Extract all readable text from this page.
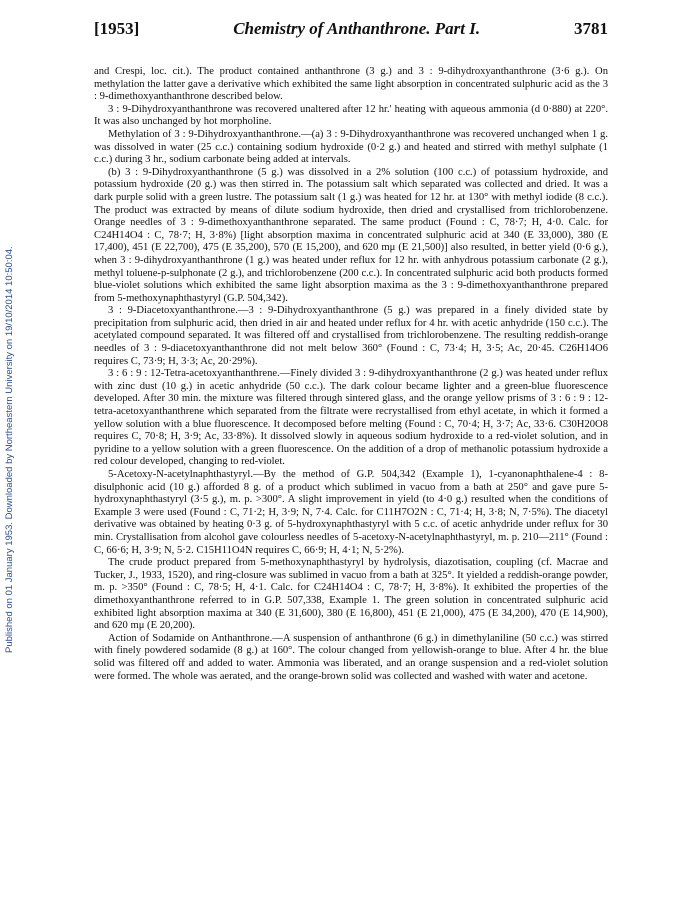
[1953]	Chemistry of Anthanthrone. Part I.	3781
Published on 01 January 1953. Downloaded by Northeastern University on 19/10/2014 10:50:04.

and Crespi, loc. cit.). The product contained anthanthrone (3 g.) and 3 : 9-dihydroxyanthanthrone (3·6 g.). On methylation the latter gave a derivative which exhibited the same light absorption in concentrated sulphuric acid as the 3 : 9-dimethoxyanthanthrone described below.

3 : 9-Dihydroxyanthanthrone was recovered unaltered after 12 hr.' heating with aqueous ammonia (d 0·880) at 220°. It was also unchanged by hot morpholine.

Methylation of 3 : 9-Dihydroxyanthanthrone.—(a) 3 : 9-Dihydroxyanthanthrone was recovered unchanged when 1 g. was dissolved in water (25 c.c.) containing sodium hydroxide (0·2 g.) and heated and stirred with methyl sulphate (1 c.c.) during 3 hr., sodium carbonate being added at intervals.

(b) 3 : 9-Dihydroxyanthanthrone (5 g.) was dissolved in a 2% solution (100 c.c.) of potassium hydroxide, and potassium hydroxide (20 g.) was then stirred in. The potassium salt which separated was collected and dried. It was a dark purple solid with a green lustre. The potassium salt (1 g.) was heated for 12 hr. at 130° with methyl iodide (8 c.c.). The product was extracted by means of dilute sodium hydroxide, then dried and crystallised from trichlorobenzene. Orange needles of 3 : 9-dimethoxyanthanthrone separated. The same product (Found : C, 78·7; H, 4·0. Calc. for C24H14O4 : C, 78·7; H, 3·8%) [light absorption maxima in concentrated sulphuric acid at 340 (E 33,000), 380 (E 17,400), 451 (E 22,700), 475 (E 35,200), 570 (E 15,200), and 620 mμ (E 21,500)] also resulted, in better yield (0·6 g.), when 3 : 9-dihydroxyanthanthrone (1 g.) was heated under reflux for 12 hr. with anhydrous potassium carbonate (2 g.), methyl toluene-p-sulphonate (2 g.), and trichlorobenzene (200 c.c.). In concentrated sulphuric acid both products formed blue-violet solutions which exhibited the same light absorption maxima as the 3 : 9-dimethoxyanthanthrone prepared from 5-methoxynaphthastyryl (G.P. 504,342).

3 : 9-Diacetoxyanthanthrone.—3 : 9-Dihydroxyanthanthrone (5 g.) was prepared in a finely divided state by precipitation from sulphuric acid, then dried in air and heated under reflux for 4 hr. with acetic anhydride (150 c.c.). The acetylated compound separated. It was filtered off and crystallised from trichlorobenzene. The resulting reddish-orange needles of 3 : 9-diacetoxyanthanthrone did not melt below 360° (Found : C, 73·4; H, 3·5; Ac, 20·45. C26H14O6 requires C, 73·9; H, 3·3; Ac, 20·29%).

3 : 6 : 9 : 12-Tetra-acetoxyanthanthrene.—Finely divided 3 : 9-dihydroxyanthanthrone (2 g.) was heated under reflux with zinc dust (10 g.) in acetic anhydride (50 c.c.). The dark colour became lighter and a green-blue fluorescence developed. After 30 min. the mixture was filtered through sintered glass, and the orange yellow prisms of 3 : 6 : 9 : 12-tetra-acetoxyanthanthrene which separated from the filtrate were recrystallised from ethyl acetate, in which it formed a yellow solution with a blue fluorescence. It decomposed before melting (Found : C, 70·4; H, 3·7; Ac, 33·6. C30H20O8 requires C, 70·8; H, 3·9; Ac, 33·8%). It dissolved slowly in aqueous sodium hydroxide to a red-violet solution, and in pyridine to a yellow solution with a green fluorescence. On the addition of a drop of methanolic potassium hydroxide a red colour developed, changing to red-violet.

5-Acetoxy-N-acetylnaphthastyryl.—By the method of G.P. 504,342 (Example 1), 1-cyanonaphthalene-4 : 8-disulphonic acid (10 g.) afforded 8 g. of a product which sublimed in vacuo from a bath at 250° and gave pure 5-hydroxynaphthastyryl (3·5 g.), m. p. >300°. A slight improvement in yield (to 4·0 g.) resulted when the conditions of Example 3 were used (Found : C, 71·2; H, 3·9; N, 7·4. Calc. for C11H7O2N : C, 71·4; H, 3·8; N, 7·5%). The diacetyl derivative was obtained by heating 0·3 g. of 5-hydroxynaphthastyryl with 5 c.c. of acetic anhydride under reflux for 30 min. Crystallisation from alcohol gave colourless needles of 5-acetoxy-N-acetylnaphthastyryl, m. p. 210—211° (Found : C, 66·6; H, 3·9; N, 5·2. C15H11O4N requires C, 66·9; H, 4·1; N, 5·2%).

The crude product prepared from 5-methoxynaphthastyryl by hydrolysis, diazotisation, coupling (cf. Macrae and Tucker, J., 1933, 1520), and ring-closure was sublimed in vacuo from a bath at 325°. It yielded a reddish-orange powder, m. p. >350° (Found : C, 78·5; H, 4·1. Calc. for C24H14O4 : C, 78·7; H, 3·8%). It exhibited the properties of the dimethoxyanthanthrone referred to in G.P. 507,338, Example 1. The green solution in concentrated sulphuric acid exhibited light absorption maxima at 340 (E 31,600), 380 (E 16,800), 451 (E 21,000), 475 (E 34,200), 470 (E 14,900), and 620 mμ (E 20,200).

Action of Sodamide on Anthanthrone.—A suspension of anthanthrone (6 g.) in dimethylaniline (50 c.c.) was stirred with finely powdered sodamide (8 g.) at 160°. The colour changed from yellowish-orange to blue. After 4 hr. the blue solid was filtered off and added to water. Ammonia was liberated, and an orange suspension and a red-violet solution were formed. The whole was aerated, and the orange-brown solid was collected and washed with water and acetone.
